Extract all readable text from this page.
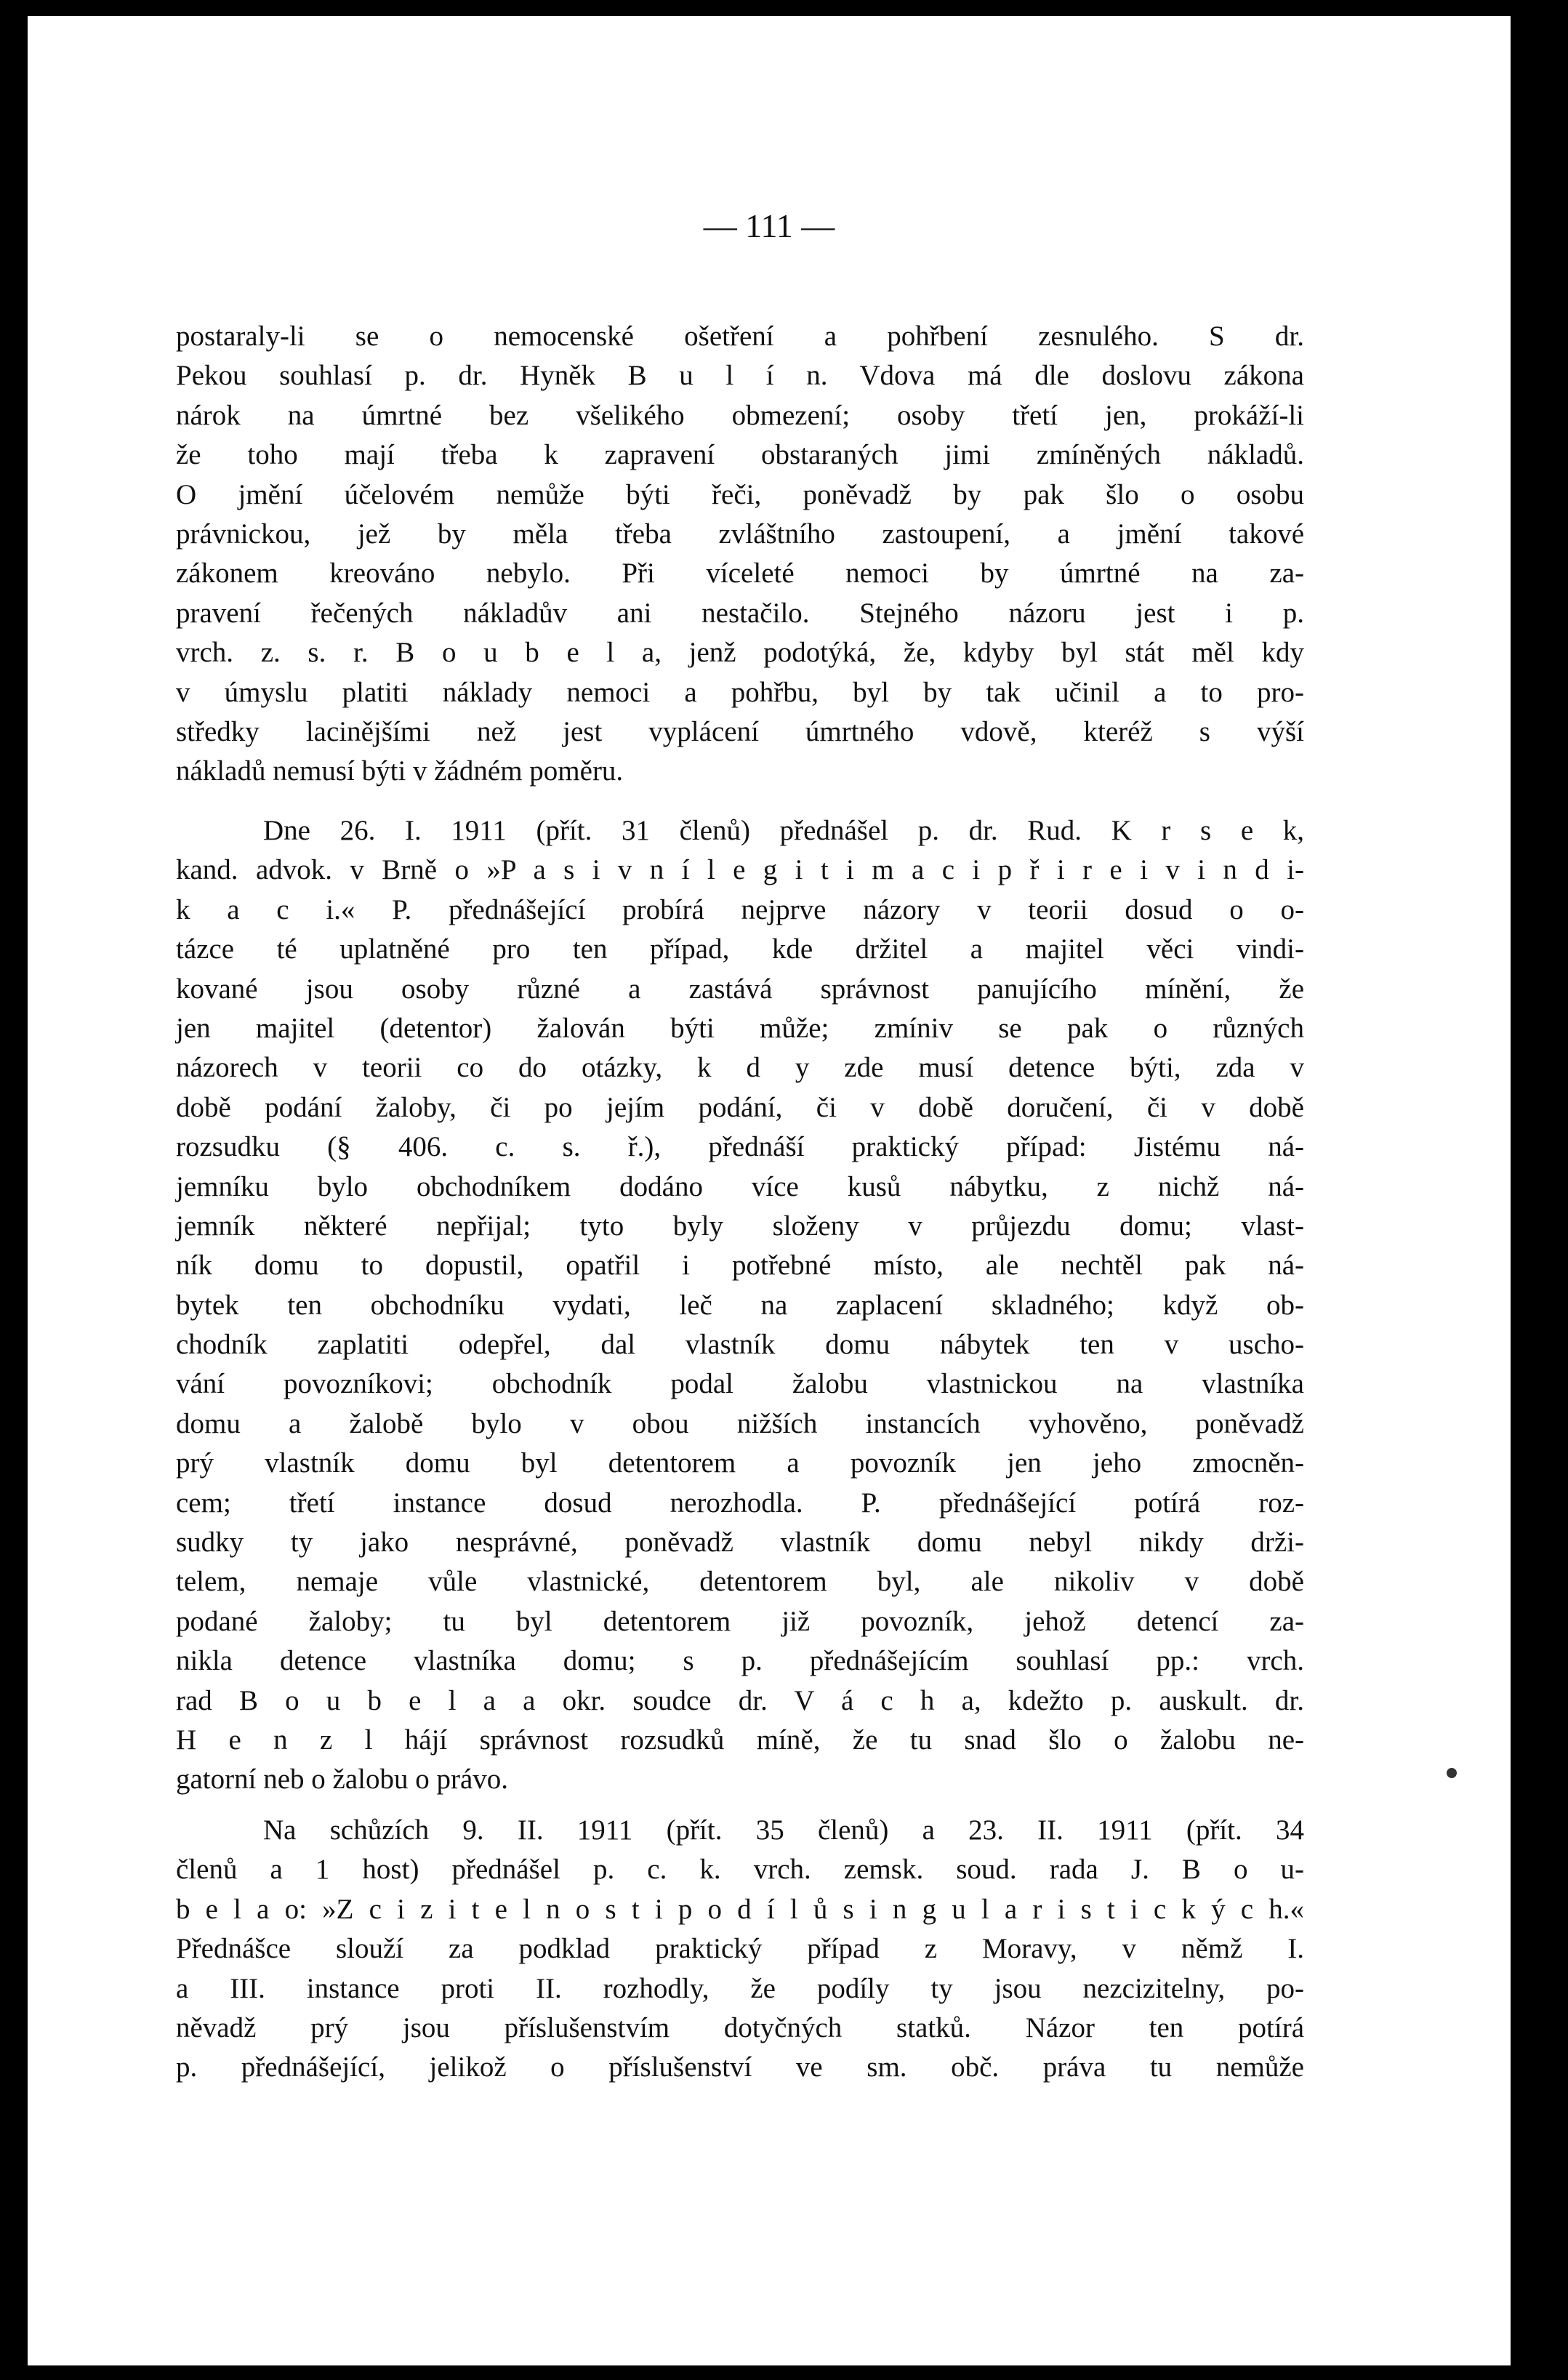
— 111 —
postaraly-li se o nemocenské ošetření a pohřbení zesnulého. S dr.
Pekou souhlasí p. dr. Hyněk B u l í n. Vdova má dle doslovu zákona
nárok na úmrtné bez všelikého obmezení; osoby třetí jen, prokáží-li
že toho mají třeba k zapravení obstaraných jimi zmíněných nákladů.
O jmění účelovém nemůže býti řeči, poněvadž by pak šlo o osobu
právnickou, jež by měla třeba zvláštního zastoupení, a jmění takové
zákonem kreováno nebylo. Při víceleté nemoci by úmrtné na za-
pravení řečených nákladův ani nestačilo. Stejného názoru jest i p.
vrch. z. s. r. B o u b e l a, jenž podotýká, že, kdyby byl stát měl kdy
v úmyslu platiti náklady nemoci a pohřbu, byl by tak učinil a to pro-
středky lacinějšími než jest vyplácení úmrtného vdově, kteréž s výší
nákladů nemusí býti v žádném poměru.
Dne 26. I. 1911 (přít. 31 členů) přednášel p. dr. Rud. K r s e k,
kand. advok. v Brně o »P a s i v n í l e g i t i m a c i p ř i r e i v i n d i-
k a c i.« P. přednášející probírá nejprve názory v teorii dosud o o-
tázce té uplatněné pro ten případ, kde držitel a majitel věci vindi-
kované jsou osoby různé a zastává správnost panujícího mínění, že
jen majitel (detentor) žalován býti může; zmíniv se pak o různých
názorech v teorii co do otázky, k d y zde musí detence býti, zda v
době podání žaloby, či po jejím podání, či v době doručení, či v době
rozsudku (§ 406. c. s. ř.), přednáší praktický případ: Jistému ná-
jemníku bylo obchodníkem dodáno více kusů nábytku, z nichž ná-
jemník některé nepřijal; tyto byly složeny v průjezdu domu; vlast-
ník domu to dopustil, opatřil i potřebné místo, ale nechtěl pak ná-
bytek ten obchodníku vydati, leč na zaplacení skladného; když ob-
chodník zaplatiti odepřel, dal vlastník domu nábytek ten v uscho-
vání povozníkovi; obchodník podal žalobu vlastnickou na vlastníka
domu a žalobě bylo v obou nižších instancích vyhověno, poněvadž
prý vlastník domu byl detentorem a povozník jen jeho zmocněn-
cem; třetí instance dosud nerozhodla. P. přednášející potírá roz-
sudky ty jako nesprávné, poněvadž vlastník domu nebyl nikdy drži-
telem, nemaje vůle vlastnické, detentorem byl, ale nikoliv v době
podané žaloby; tu byl detentorem již povozník, jehož detencí za-
nikla detence vlastníka domu; s p. přednášejícím souhlasí pp.: vrch.
rad B o u b e l a a okr. soudce dr. V á c h a, kdežto p. auskult. dr.
H e n z l hájí správnost rozsudků míně, že tu snad šlo o žalobu ne-
gatorní neb o žalobu o právo.
Na schůzích 9. II. 1911 (přít. 35 členů) a 23. II. 1911 (přít. 34
členů a 1 host) přednášel p. c. k. vrch. zemsk. soud. rada J. B o u-
b e l a o: »Z c i z i t e l n o s t i p o d í l ů s i n g u l a r i s t i c k ý c h.«
Přednášce slouží za podklad praktický případ z Moravy, v němž I.
a III. instance proti II. rozhodly, že podíly ty jsou nezcizitelny, po-
něvadž prý jsou příslušenstvím dotyčných statků. Názor ten potírá
p. přednášející, jelikož o příslušenství ve sm. obč. práva tu nemůže
